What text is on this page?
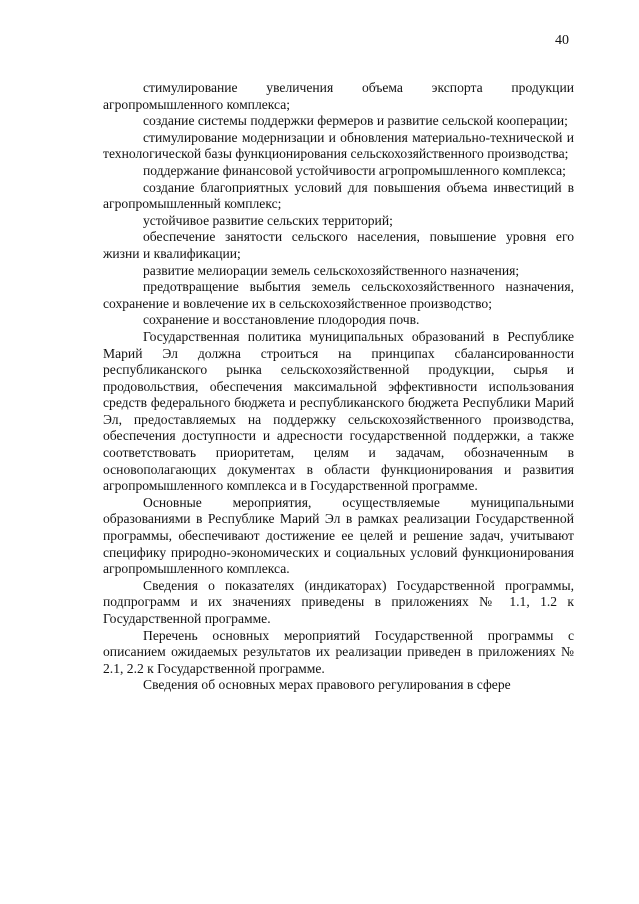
40

стимулирование увеличения объема экспорта продукции агропромышленного комплекса;

создание системы поддержки фермеров и развитие сельской кооперации;

стимулирование модернизации и обновления материально-технической и технологической базы функционирования сельскохозяйственного производства;

поддержание финансовой устойчивости агропромышленного комплекса;

создание благоприятных условий для повышения объема инвестиций в агропромышленный комплекс;

устойчивое развитие сельских территорий;

обеспечение занятости сельского населения, повышение уровня его жизни и квалификации;

развитие мелиорации земель сельскохозяйственного назначения;

предотвращение выбытия земель сельскохозяйственного назначения, сохранение и вовлечение их в сельскохозяйственное производство;

сохранение и восстановление плодородия почв.

Государственная политика муниципальных образований в Республике Марий Эл должна строиться на принципах сбалансированности республиканского рынка сельскохозяйственной продукции, сырья и продовольствия, обеспечения максимальной эффективности использования средств федерального бюджета и республиканского бюджета Республики Марий Эл, предоставляемых на поддержку сельскохозяйственного производства, обеспечения доступности и адресности государственной поддержки, а также соответствовать приоритетам, целям и задачам, обозначенным в основополагающих документах в области функционирования и развития агропромышленного комплекса и в Государственной программе.

Основные мероприятия, осуществляемые муниципальными образованиями в Республике Марий Эл в рамках реализации Государственной программы, обеспечивают достижение ее целей и решение задач, учитывают специфику природно-экономических и социальных условий функционирования агропромышленного комплекса.

Сведения о показателях (индикаторах) Государственной программы, подпрограмм и их значениях приведены в приложениях № 1.1, 1.2 к Государственной программе.

Перечень основных мероприятий Государственной программы с описанием ожидаемых результатов их реализации приведен в приложениях № 2.1, 2.2 к Государственной программе.

Сведения об основных мерах правового регулирования в сфере
